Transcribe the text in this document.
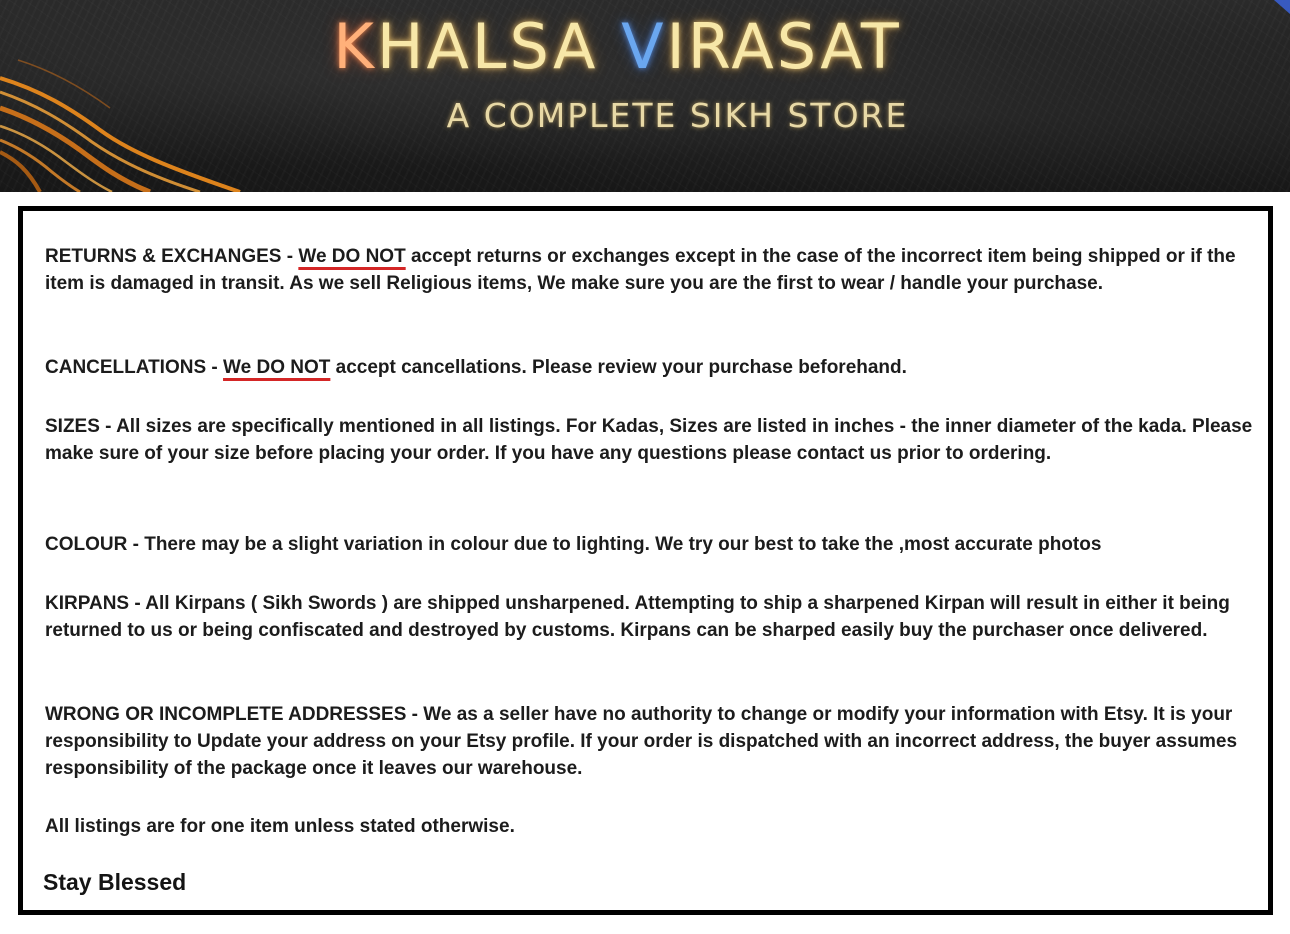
KHALSA VIRASAT
A COMPLETE SIKH STORE

RETURNS & EXCHANGES - We DO NOT accept returns or exchanges except in the case of the incorrect item being shipped or if the item is damaged in transit. As we sell Religious items, We make sure you are the first to wear / handle your purchase.

CANCELLATIONS - We DO NOT accept cancellations. Please review your purchase beforehand.

SIZES - All sizes are specifically mentioned in all listings. For Kadas, Sizes are listed in inches - the inner diameter of the kada. Please make sure of your size before placing your order. If you have any questions please contact us prior to ordering.

COLOUR - There may be a slight variation in colour due to lighting. We try our best to take the ,most accurate photos

KIRPANS - All Kirpans ( Sikh Swords ) are shipped unsharpened. Attempting to ship a sharpened Kirpan will result in either it being returned to us or being confiscated and destroyed by customs. Kirpans can be sharped easily buy the purchaser once delivered.

WRONG OR INCOMPLETE ADDRESSES - We as a seller have no authority to change or modify your information with Etsy. It is your responsibility to Update your address on your Etsy profile. If your order is dispatched with an incorrect address, the buyer assumes responsibility of the package once it leaves our warehouse.

All listings are for one item unless stated otherwise.

Stay Blessed
